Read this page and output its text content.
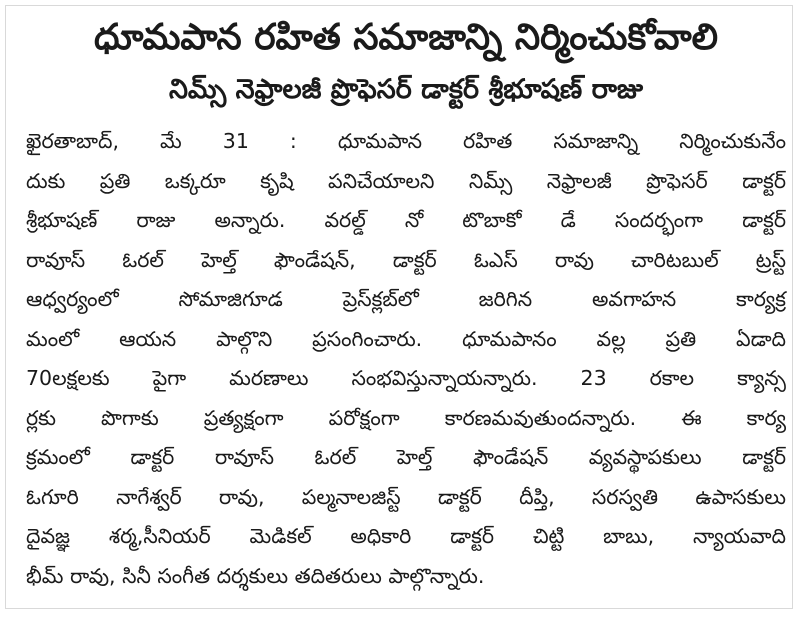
ధూమపాన రహిత సమాజాన్ని నిర్మించుకోవాలి
నిమ్స్ నెఫ్రాలజీ ప్రొఫెసర్ డాక్టర్ శ్రీభూషణ్ రాజు
ఖైరతాబాద్, మే 31 : ధూమపాన రహిత సమాజాన్ని నిర్మించుకునేం
దుకు ప్రతి ఒక్కరూ కృషి పనిచేయాలని నిమ్స్ నెఫ్రాలజీ ప్రొఫెసర్ డాక్టర్
శ్రీభూషణ్ రాజు అన్నారు. వరల్డ్ నో టొబాకో డే సందర్భంగా డాక్టర్
రావూస్ ఓరల్ హెల్త్ ఫౌండేషన్, డాక్టర్ ఓఎస్ రావు చారిటబుల్ ట్రస్ట్
ఆధ్వర్యంలో సోమాజిగూడ ప్రెస్‌క్లబ్‌లో జరిగిన అవగాహన కార్యక్ర
మంలో ఆయన పాల్గొని ప్రసంగించారు. ధూమపానం వల్ల ప్రతి ఏడాది
70లక్షలకు పైగా మరణాలు సంభవిస్తున్నాయన్నారు. 23 రకాల క్యాన్స
ర్లకు పొగాకు ప్రత్యక్షంగా పరోక్షంగా కారణమవుతుందన్నారు. ఈ కార్య
క్రమంలో డాక్టర్ రావూస్ ఓరల్ హెల్త్ ఫౌండేషన్ వ్యవస్థాపకులు డాక్టర్
ఓగూరి నాగేశ్వర్ రావు, పల్మనాలజిస్ట్ డాక్టర్ దీప్తి, సరస్వతి ఉపాసకులు
దైవజ్ఞ శర్మ,సీనియర్ మెడికల్ అధికారి డాక్టర్ చిట్టి బాబు, న్యాయవాది
భీమ్ రావు, సినీ సంగీత దర్శకులు తదితరులు పాల్గొన్నారు.
